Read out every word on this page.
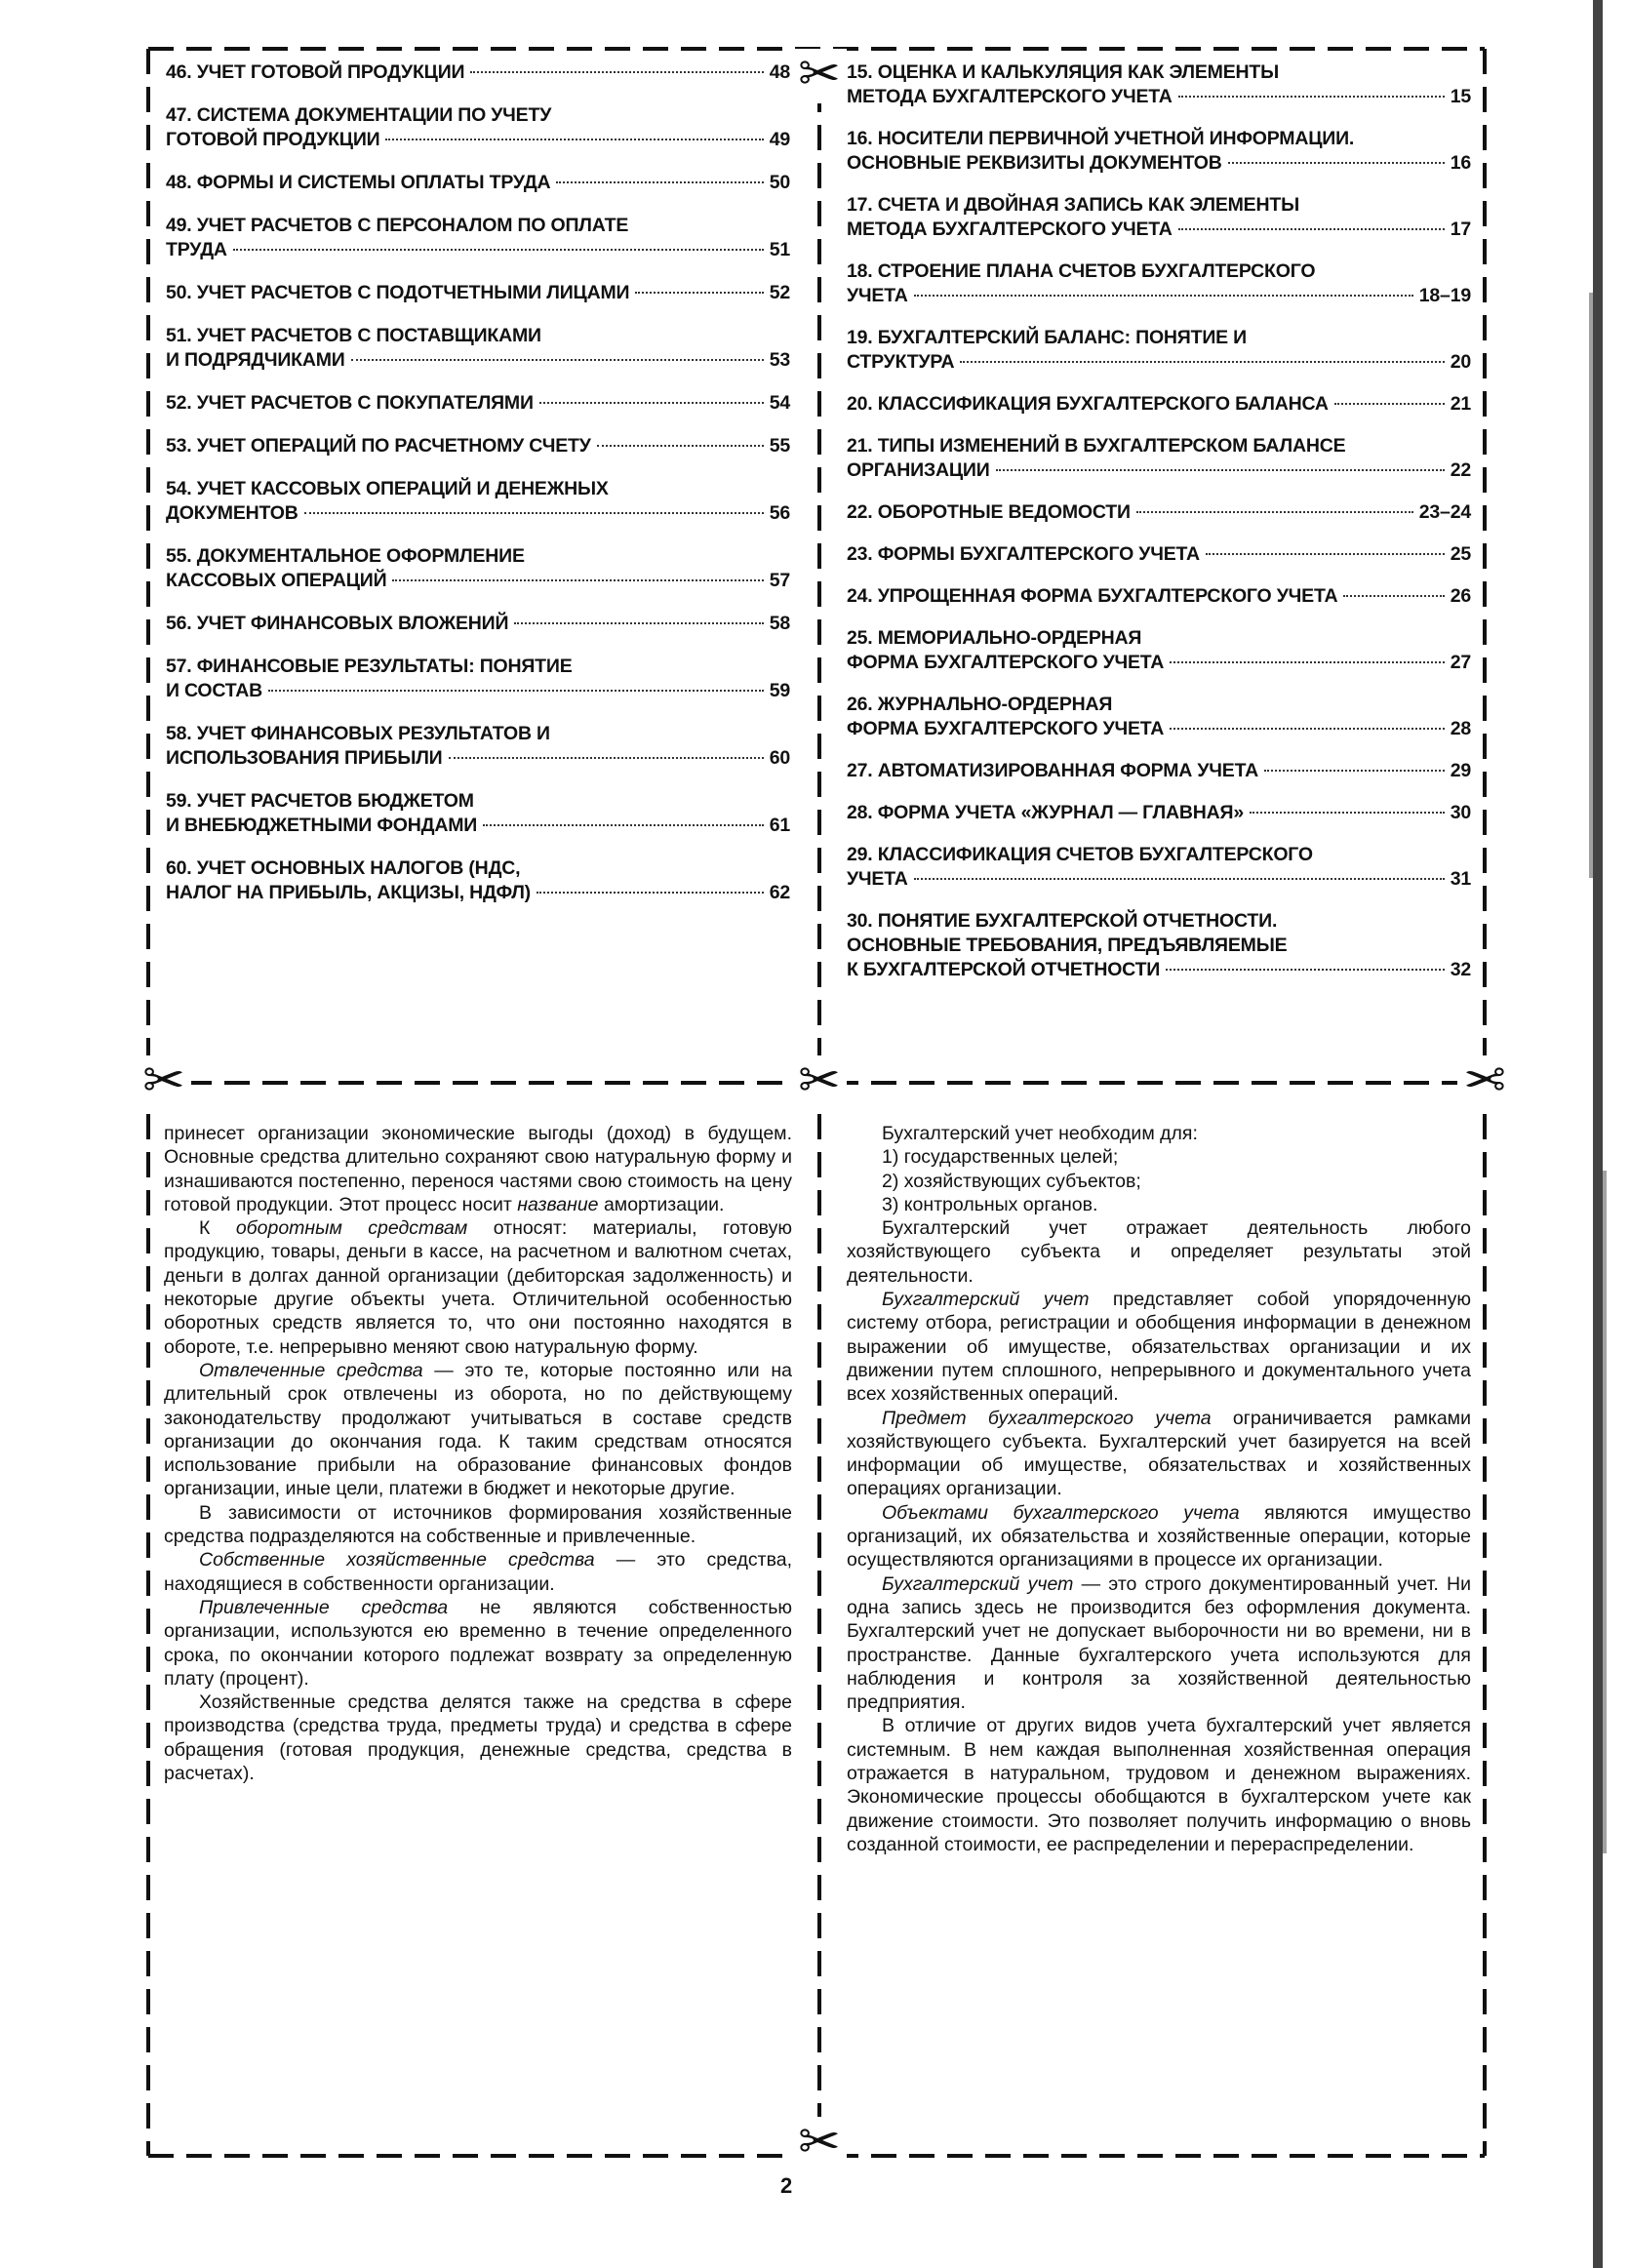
✂
✂	✂	✂
✂
46. УЧЕТ ГОТОВОЙ ПРОДУКЦИИ	48
47. СИСТЕМА ДОКУМЕНТАЦИИ ПО УЧЕТУ
ГОТОВОЙ ПРОДУКЦИИ	49
48. ФОРМЫ И СИСТЕМЫ ОПЛАТЫ ТРУДА	50
49. УЧЕТ РАСЧЕТОВ С ПЕРСОНАЛОМ ПО ОПЛАТЕ
ТРУДА	51
50. УЧЕТ РАСЧЕТОВ С ПОДОТЧЕТНЫМИ ЛИЦАМИ	52
51. УЧЕТ РАСЧЕТОВ С ПОСТАВЩИКАМИ
И ПОДРЯДЧИКАМИ	53
52. УЧЕТ РАСЧЕТОВ С ПОКУПАТЕЛЯМИ	54
53. УЧЕТ ОПЕРАЦИЙ ПО РАСЧЕТНОМУ СЧЕТУ	55
54. УЧЕТ КАССОВЫХ ОПЕРАЦИЙ И ДЕНЕЖНЫХ
ДОКУМЕНТОВ	56
55. ДОКУМЕНТАЛЬНОЕ ОФОРМЛЕНИЕ
КАССОВЫХ ОПЕРАЦИЙ	57
56. УЧЕТ ФИНАНСОВЫХ ВЛОЖЕНИЙ	58
57. ФИНАНСОВЫЕ РЕЗУЛЬТАТЫ: ПОНЯТИЕ
И СОСТАВ	59
58. УЧЕТ ФИНАНСОВЫХ РЕЗУЛЬТАТОВ И
ИСПОЛЬЗОВАНИЯ ПРИБЫЛИ	60
59. УЧЕТ РАСЧЕТОВ БЮДЖЕТОМ
И ВНЕБЮДЖЕТНЫМИ ФОНДАМИ	61
60. УЧЕТ ОСНОВНЫХ НАЛОГОВ (НДС,
НАЛОГ НА ПРИБЫЛЬ, АКЦИЗЫ, НДФЛ)	62
15. ОЦЕНКА И КАЛЬКУЛЯЦИЯ КАК ЭЛЕМЕНТЫ
МЕТОДА БУХГАЛТЕРСКОГО УЧЕТА	15
16. НОСИТЕЛИ ПЕРВИЧНОЙ УЧЕТНОЙ ИНФОРМАЦИИ.
ОСНОВНЫЕ РЕКВИЗИТЫ ДОКУМЕНТОВ	16
17. СЧЕТА И ДВОЙНАЯ ЗАПИСЬ КАК ЭЛЕМЕНТЫ
МЕТОДА БУХГАЛТЕРСКОГО УЧЕТА	17
18. СТРОЕНИЕ ПЛАНА СЧЕТОВ БУХГАЛТЕРСКОГО
УЧЕТА	18–19
19. БУХГАЛТЕРСКИЙ БАЛАНС: ПОНЯТИЕ И
СТРУКТУРА	20
20. КЛАССИФИКАЦИЯ БУХГАЛТЕРСКОГО БАЛАНСА	21
21. ТИПЫ ИЗМЕНЕНИЙ В БУХГАЛТЕРСКОМ БАЛАНСЕ
ОРГАНИЗАЦИИ	22
22. ОБОРОТНЫЕ ВЕДОМОСТИ	23–24
23. ФОРМЫ БУХГАЛТЕРСКОГО УЧЕТА	25
24. УПРОЩЕННАЯ ФОРМА БУХГАЛТЕРСКОГО УЧЕТА	26
25. МЕМОРИАЛЬНО-ОРДЕРНАЯ
ФОРМА БУХГАЛТЕРСКОГО УЧЕТА	27
26. ЖУРНАЛЬНО-ОРДЕРНАЯ
ФОРМА БУХГАЛТЕРСКОГО УЧЕТА	28
27. АВТОМАТИЗИРОВАННАЯ ФОРМА УЧЕТА	29
28. ФОРМА УЧЕТА «ЖУРНАЛ — ГЛАВНАЯ»	30
29. КЛАССИФИКАЦИЯ СЧЕТОВ БУХГАЛТЕРСКОГО
УЧЕТА	31
30. ПОНЯТИЕ БУХГАЛТЕРСКОЙ ОТЧЕТНОСТИ.
ОСНОВНЫЕ ТРЕБОВАНИЯ, ПРЕДЪЯВЛЯЕМЫЕ
К БУХГАЛТЕРСКОЙ ОТЧЕТНОСТИ	32

принесет организации экономические выгоды (доход) в будущем. Основные средства длительно сохраняют свою натуральную форму и изнашиваются постепенно, перенося частями свою стоимость на цену готовой продукции. Этот процесс носит название амортизации.

К оборотным средствам относят: материалы, готовую продукцию, товары, деньги в кассе, на расчетном и валютном счетах, деньги в долгах данной организации (дебиторская задолженность) и некоторые другие объекты учета. Отличительной особенностью оборотных средств является то, что они постоянно находятся в обороте, т.е. непрерывно меняют свою натуральную форму.

Отвлеченные средства — это те, которые постоянно или на длительный срок отвлечены из оборота, но по действующему законодательству продолжают учитываться в составе средств организации до окончания года. К таким средствам относятся использование прибыли на образование финансовых фондов организации, иные цели, платежи в бюджет и некоторые другие.

В зависимости от источников формирования хозяйственные средства подразделяются на собственные и привлеченные.

Собственные хозяйственные средства — это средства, находящиеся в собственности организации.

Привлеченные средства не являются собственностью организации, используются ею временно в течение определенного срока, по окончании которого подлежат возврату за определенную плату (процент).

Хозяйственные средства делятся также на средства в сфере производства (средства труда, предметы труда) и средства в сфере обращения (готовая продукция, денежные средства, средства в расчетах).

Бухгалтерский учет необходим для:

1) государственных целей;

2) хозяйствующих субъектов;

3) контрольных органов.

Бухгалтерский учет отражает деятельность любого хозяйствующего субъекта и определяет результаты этой деятельности.

Бухгалтерский учет представляет собой упорядоченную систему отбора, регистрации и обобщения информации в денежном выражении об имуществе, обязательствах организации и их движении путем сплошного, непрерывного и документального учета всех хозяйственных операций.

Предмет бухгалтерского учета ограничивается рамками хозяйствующего субъекта. Бухгалтерский учет базируется на всей информации об имуществе, обязательствах и хозяйственных операциях организации.

Объектами бухгалтерского учета являются имущество организаций, их обязательства и хозяйственные операции, которые осуществляются организациями в процессе их организации.

Бухгалтерский учет — это строго документированный учет. Ни одна запись здесь не производится без оформления документа. Бухгалтерский учет не допускает выборочности ни во времени, ни в пространстве. Данные бухгалтерского учета используются для наблюдения и контроля за хозяйственной деятельностью предприятия.

В отличие от других видов учета бухгалтерский учет является системным. В нем каждая выполненная хозяйственная операция отражается в натуральном, трудовом и денежном выражениях. Экономические процессы обобщаются в бухгалтерском учете как движение стоимости. Это позволяет получить информацию о вновь созданной стоимости, ее распределении и перераспределении.

2
